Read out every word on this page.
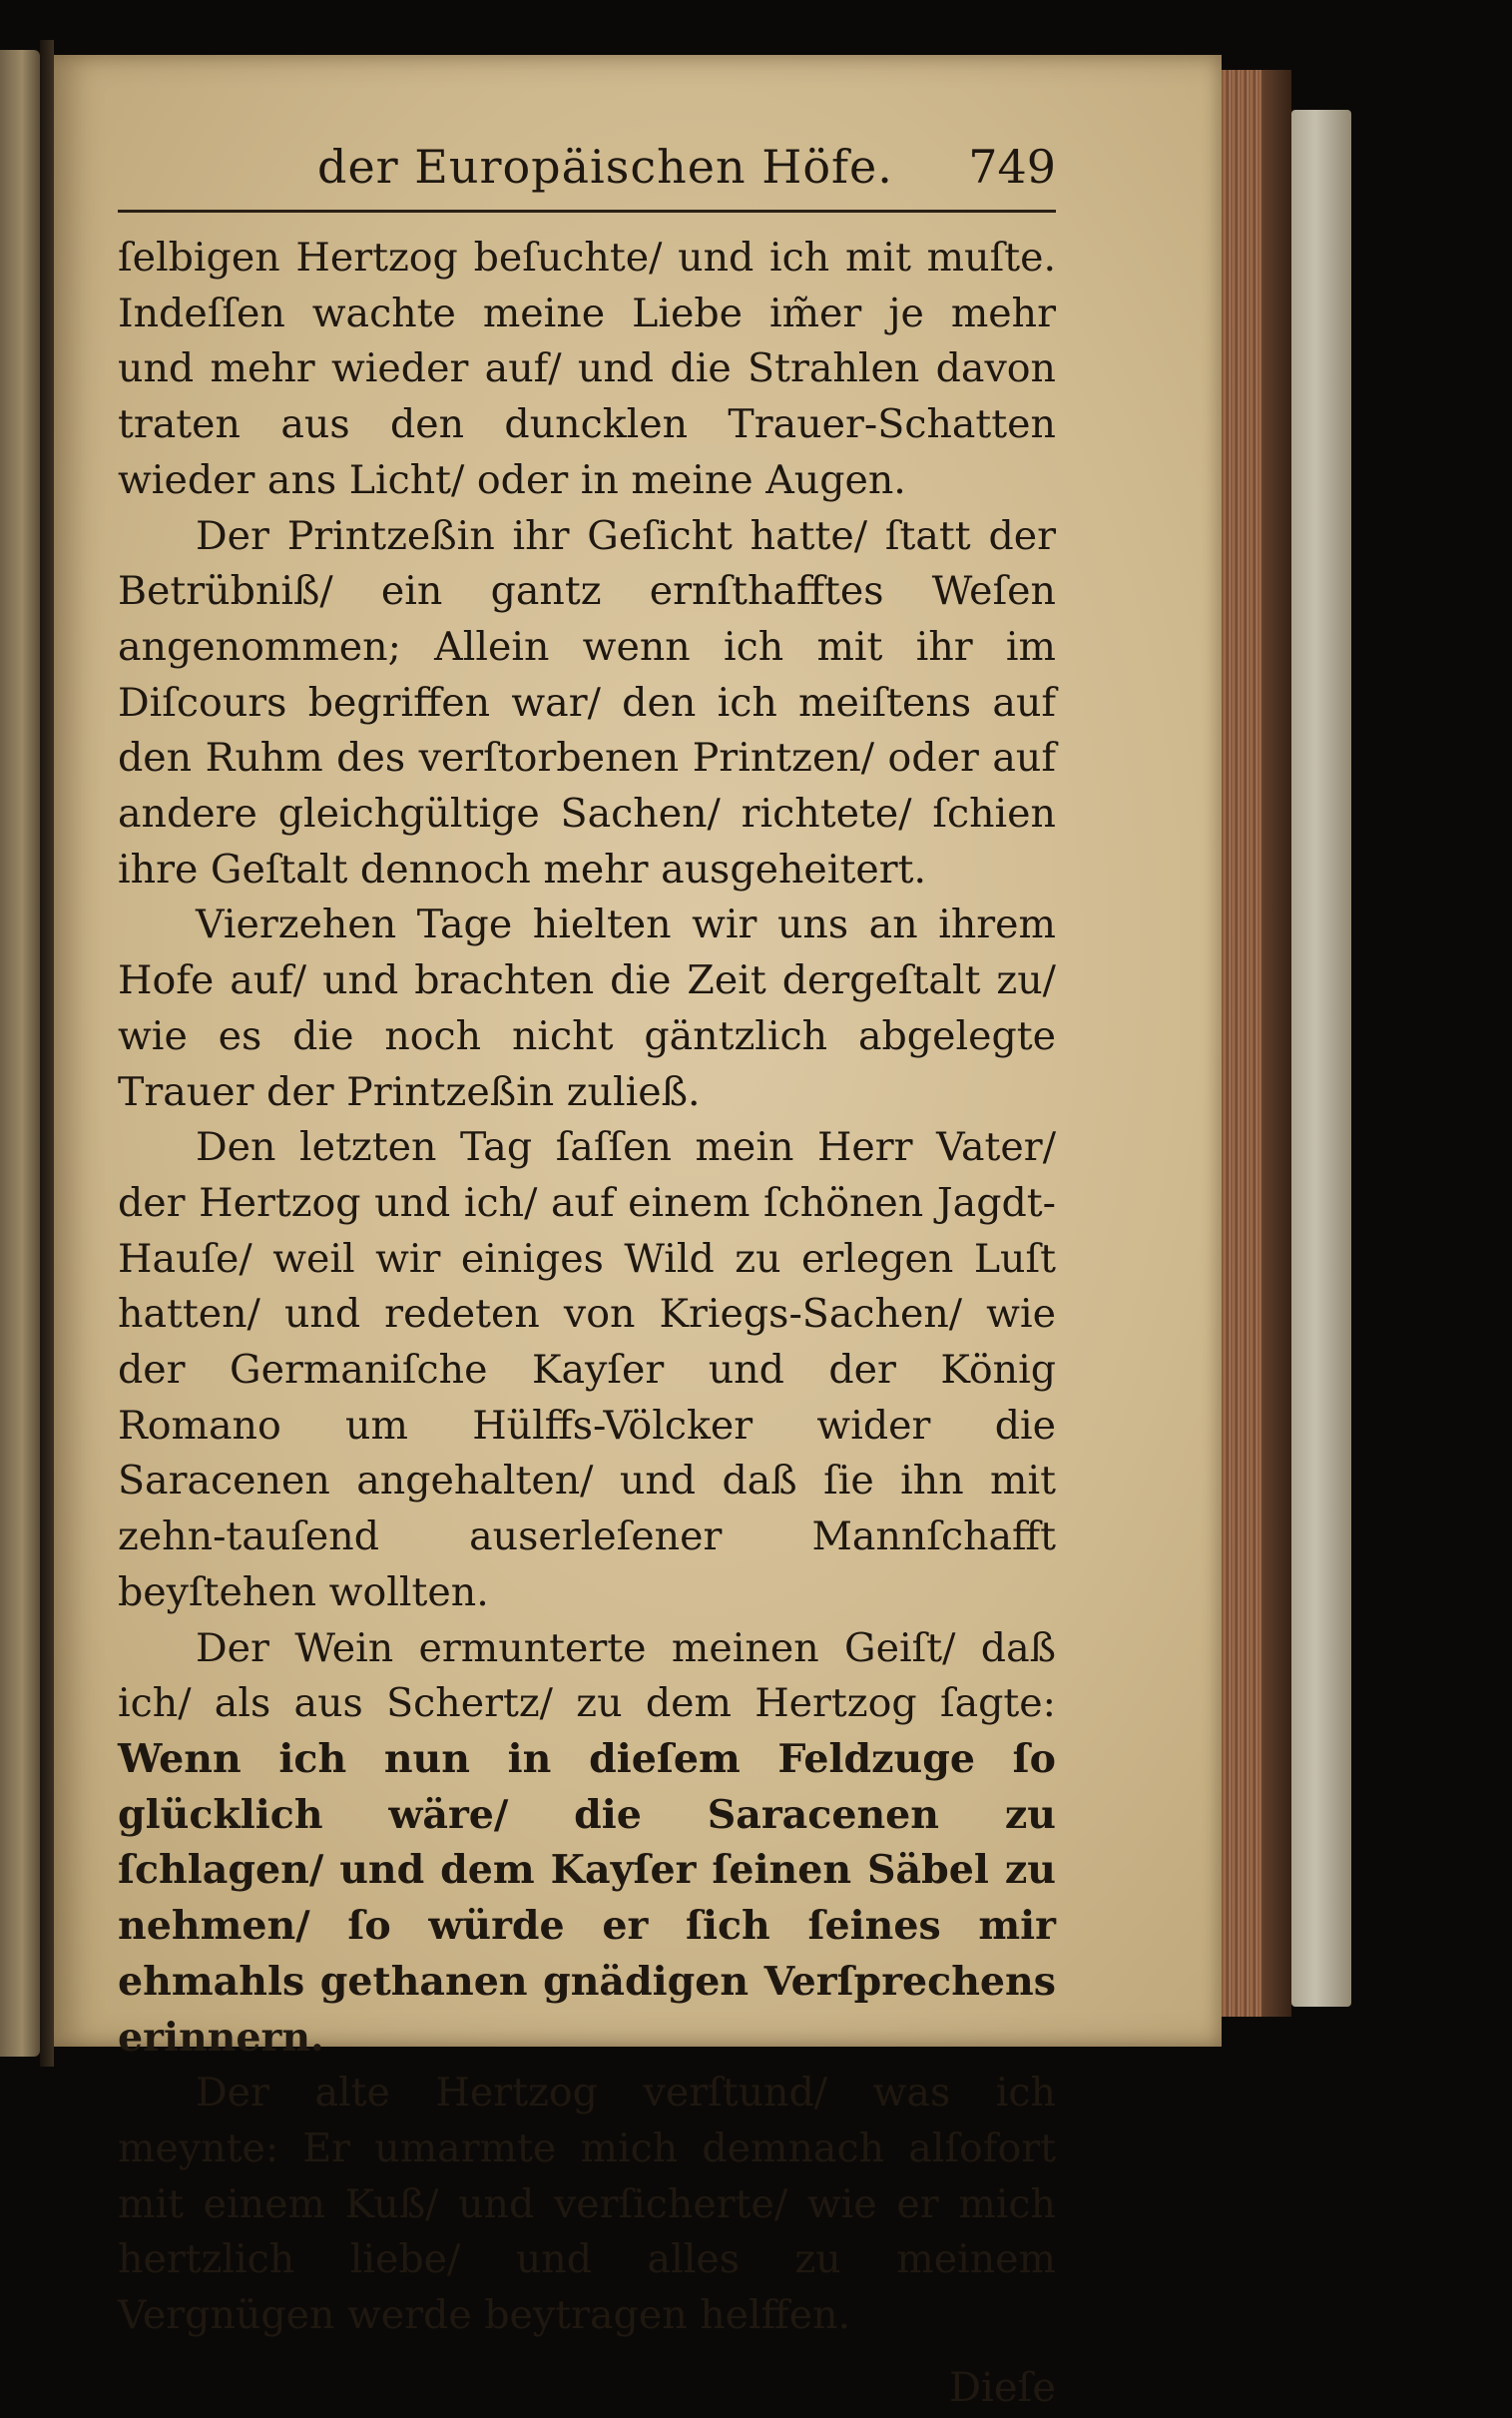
der Europäischen Höfe. 749

ſelbigen Hertzog beſuchte/ und ich mit muſte. Indeſſen wachte meine Liebe im̃er je mehr und mehr wieder auf/ und die Strahlen davon traten aus den duncklen Trauer-Schatten wieder ans Licht/ oder in meine Augen.

Der Printzeßin ihr Geſicht hatte/ ſtatt der Betrübniß/ ein gantz ernſthafftes Weſen angenommen; Allein wenn ich mit ihr im Diſcours begriffen war/ den ich meiſtens auf den Ruhm des verſtorbenen Printzen/ oder auf andere gleichgültige Sachen/ richtete/ ſchien ihre Geſtalt dennoch mehr ausgeheitert.

Vierzehen Tage hielten wir uns an ihrem Hofe auf/ und brachten die Zeit dergeſtalt zu/ wie es die noch nicht gäntzlich abgelegte Trauer der Printzeßin zuließ.

Den letzten Tag ſaſſen mein Herr Vater/ der Hertzog und ich/ auf einem ſchönen Jagdt-Hauſe/ weil wir einiges Wild zu erlegen Luſt hatten/ und redeten von Kriegs-Sachen/ wie der Germaniſche Kayſer und der König Romano um Hülffs-Völcker wider die Saracenen angehalten/ und daß ſie ihn mit zehn-tauſend auserleſener Mannſchafft beyſtehen wollten.

Der Wein ermunterte meinen Geiſt/ daß ich/ als aus Schertz/ zu dem Hertzog ſagte: Wenn ich nun in dieſem Feldzuge ſo glücklich wäre/ die Saracenen zu ſchlagen/ und dem Kayſer ſeinen Säbel zu nehmen/ ſo würde er ſich ſeines mir ehmahls gethanen gnädigen Verſprechens erinnern.

Der alte Hertzog verſtund/ was ich meynte: Er umarmte mich demnach alſofort mit einem Kuß/ und verſicherte/ wie er mich hertzlich liebe/ und alles zu meinem Vergnügen werde beytragen helffen.

Dieſe
